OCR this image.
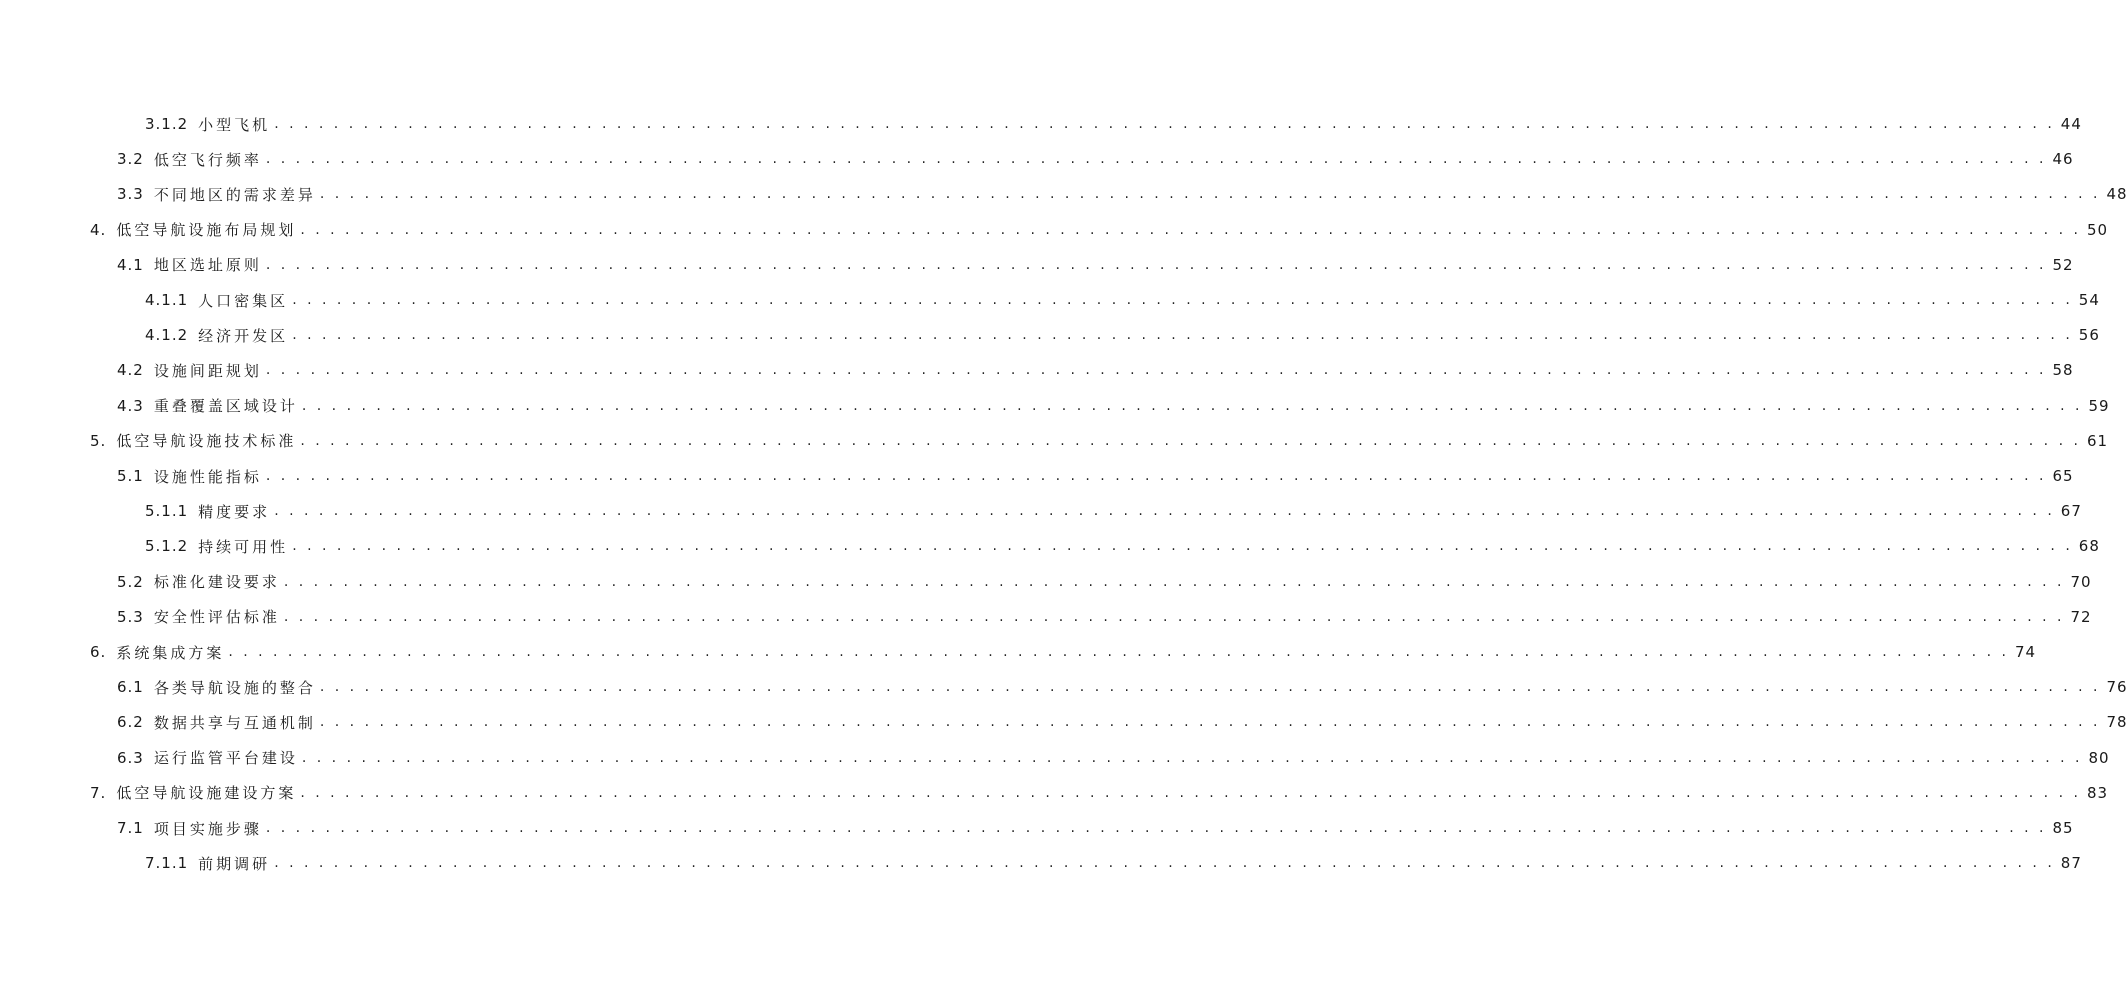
3.1.2 小型飞机 . . . . . . . . . . . . . . . . . . . . . . . . . . . . . . . . . . . . . . . . . . . . . . . . . . . . . . . . . . . . . . . . . . . . . . . . . . . . . . . . . . . . . . . . . . . . . . . . . . . . . . . . . . . . . . . . . . . . . . . . 44
3.2 低空飞行频率 . . . . . . . . . . . . . . . . . . . . . . . . . . . . . . . . . . . . . . . . . . . . . . . . . . . . . . . . . . . . . . . . . . . . . . . . . . . . . . . . . . . . . . . . . . . . . . . . . . . . . . . . . . . . . . . . . . . . . . . . 46
3.3 不同地区的需求差异 . . . . . . . . . . . . . . . . . . . . . . . . . . . . . . . . . . . . . . . . . . . . . . . . . . . . . . . . . . . . . . . . . . . . . . . . . . . . . . . . . . . . . . . . . . . . . . . . . . . . . . . . . . . . . . . . . . . . . . . . 48
4. 低空导航设施布局规划 . . . . . . . . . . . . . . . . . . . . . . . . . . . . . . . . . . . . . . . . . . . . . . . . . . . . . . . . . . . . . . . . . . . . . . . . . . . . . . . . . . . . . . . . . . . . . . . . . . . . . . . . . . . . . . . . . . . . . . . . 50
4.1 地区选址原则 . . . . . . . . . . . . . . . . . . . . . . . . . . . . . . . . . . . . . . . . . . . . . . . . . . . . . . . . . . . . . . . . . . . . . . . . . . . . . . . . . . . . . . . . . . . . . . . . . . . . . . . . . . . . . . . . . . . . . . . . 52
4.1.1 人口密集区 . . . . . . . . . . . . . . . . . . . . . . . . . . . . . . . . . . . . . . . . . . . . . . . . . . . . . . . . . . . . . . . . . . . . . . . . . . . . . . . . . . . . . . . . . . . . . . . . . . . . . . . . . . . . . . . . . . . . . . . . 54
4.1.2 经济开发区 . . . . . . . . . . . . . . . . . . . . . . . . . . . . . . . . . . . . . . . . . . . . . . . . . . . . . . . . . . . . . . . . . . . . . . . . . . . . . . . . . . . . . . . . . . . . . . . . . . . . . . . . . . . . . . . . . . . . . . . . 56
4.2 设施间距规划 . . . . . . . . . . . . . . . . . . . . . . . . . . . . . . . . . . . . . . . . . . . . . . . . . . . . . . . . . . . . . . . . . . . . . . . . . . . . . . . . . . . . . . . . . . . . . . . . . . . . . . . . . . . . . . . . . . . . . . . . 58
4.3 重叠覆盖区域设计 . . . . . . . . . . . . . . . . . . . . . . . . . . . . . . . . . . . . . . . . . . . . . . . . . . . . . . . . . . . . . . . . . . . . . . . . . . . . . . . . . . . . . . . . . . . . . . . . . . . . . . . . . . . . . . . . . . . . . . . . 59
5. 低空导航设施技术标准 . . . . . . . . . . . . . . . . . . . . . . . . . . . . . . . . . . . . . . . . . . . . . . . . . . . . . . . . . . . . . . . . . . . . . . . . . . . . . . . . . . . . . . . . . . . . . . . . . . . . . . . . . . . . . . . . . . . . . . . . 61
5.1 设施性能指标 . . . . . . . . . . . . . . . . . . . . . . . . . . . . . . . . . . . . . . . . . . . . . . . . . . . . . . . . . . . . . . . . . . . . . . . . . . . . . . . . . . . . . . . . . . . . . . . . . . . . . . . . . . . . . . . . . . . . . . . . 65
5.1.1 精度要求 . . . . . . . . . . . . . . . . . . . . . . . . . . . . . . . . . . . . . . . . . . . . . . . . . . . . . . . . . . . . . . . . . . . . . . . . . . . . . . . . . . . . . . . . . . . . . . . . . . . . . . . . . . . . . . . . . . . . . . . . 67
5.1.2 持续可用性 . . . . . . . . . . . . . . . . . . . . . . . . . . . . . . . . . . . . . . . . . . . . . . . . . . . . . . . . . . . . . . . . . . . . . . . . . . . . . . . . . . . . . . . . . . . . . . . . . . . . . . . . . . . . . . . . . . . . . . . . 68
5.2 标准化建设要求 . . . . . . . . . . . . . . . . . . . . . . . . . . . . . . . . . . . . . . . . . . . . . . . . . . . . . . . . . . . . . . . . . . . . . . . . . . . . . . . . . . . . . . . . . . . . . . . . . . . . . . . . . . . . . . . . . . . . . . . . 70
5.3 安全性评估标准 . . . . . . . . . . . . . . . . . . . . . . . . . . . . . . . . . . . . . . . . . . . . . . . . . . . . . . . . . . . . . . . . . . . . . . . . . . . . . . . . . . . . . . . . . . . . . . . . . . . . . . . . . . . . . . . . . . . . . . . . 72
6. 系统集成方案 . . . . . . . . . . . . . . . . . . . . . . . . . . . . . . . . . . . . . . . . . . . . . . . . . . . . . . . . . . . . . . . . . . . . . . . . . . . . . . . . . . . . . . . . . . . . . . . . . . . . . . . . . . . . . . . . . . . . . . . . 74
6.1 各类导航设施的整合 . . . . . . . . . . . . . . . . . . . . . . . . . . . . . . . . . . . . . . . . . . . . . . . . . . . . . . . . . . . . . . . . . . . . . . . . . . . . . . . . . . . . . . . . . . . . . . . . . . . . . . . . . . . . . . . . . . . . . . . . 76
6.2 数据共享与互通机制 . . . . . . . . . . . . . . . . . . . . . . . . . . . . . . . . . . . . . . . . . . . . . . . . . . . . . . . . . . . . . . . . . . . . . . . . . . . . . . . . . . . . . . . . . . . . . . . . . . . . . . . . . . . . . . . . . . . . . . . . 78
6.3 运行监管平台建设 . . . . . . . . . . . . . . . . . . . . . . . . . . . . . . . . . . . . . . . . . . . . . . . . . . . . . . . . . . . . . . . . . . . . . . . . . . . . . . . . . . . . . . . . . . . . . . . . . . . . . . . . . . . . . . . . . . . . . . . . 80
7. 低空导航设施建设方案 . . . . . . . . . . . . . . . . . . . . . . . . . . . . . . . . . . . . . . . . . . . . . . . . . . . . . . . . . . . . . . . . . . . . . . . . . . . . . . . . . . . . . . . . . . . . . . . . . . . . . . . . . . . . . . . . . . . . . . . . 83
7.1 项目实施步骤 . . . . . . . . . . . . . . . . . . . . . . . . . . . . . . . . . . . . . . . . . . . . . . . . . . . . . . . . . . . . . . . . . . . . . . . . . . . . . . . . . . . . . . . . . . . . . . . . . . . . . . . . . . . . . . . . . . . . . . . . 85
7.1.1 前期调研 . . . . . . . . . . . . . . . . . . . . . . . . . . . . . . . . . . . . . . . . . . . . . . . . . . . . . . . . . . . . . . . . . . . . . . . . . . . . . . . . . . . . . . . . . . . . . . . . . . . . . . . . . . . . . . . . . . . . . . . . 87
